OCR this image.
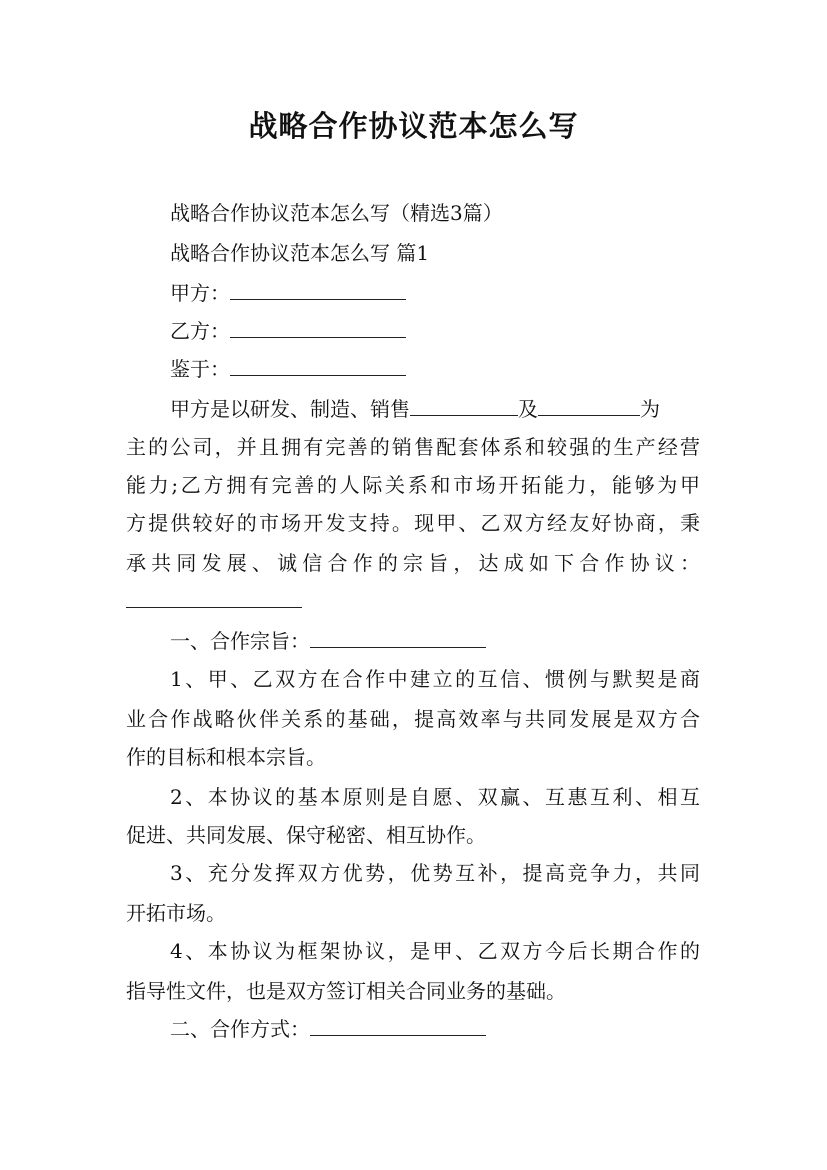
战略合作协议范本怎么写
战略合作协议范本怎么写（精选3篇）
战略合作协议范本怎么写 篇1
甲方：
乙方：
鉴于：
甲方是以研发、制造、销售	及	为
主的公司，并且拥有完善的销售配套体系和较强的生产经营
能力;乙方拥有完善的人际关系和市场开拓能力，能够为甲
方提供较好的市场开发支持。现甲、乙双方经友好协商，秉
承共同发展、诚信合作的宗旨，达成如下合作协议：
一、合作宗旨：
1、甲、乙双方在合作中建立的互信、惯例与默契是商
业合作战略伙伴关系的基础，提高效率与共同发展是双方合
作的目标和根本宗旨。
2、本协议的基本原则是自愿、双赢、互惠互利、相互
促进、共同发展、保守秘密、相互协作。
3、充分发挥双方优势，优势互补，提高竞争力，共同
开拓市场。
4、本协议为框架协议，是甲、乙双方今后长期合作的
指导性文件，也是双方签订相关合同业务的基础。
二、合作方式：
